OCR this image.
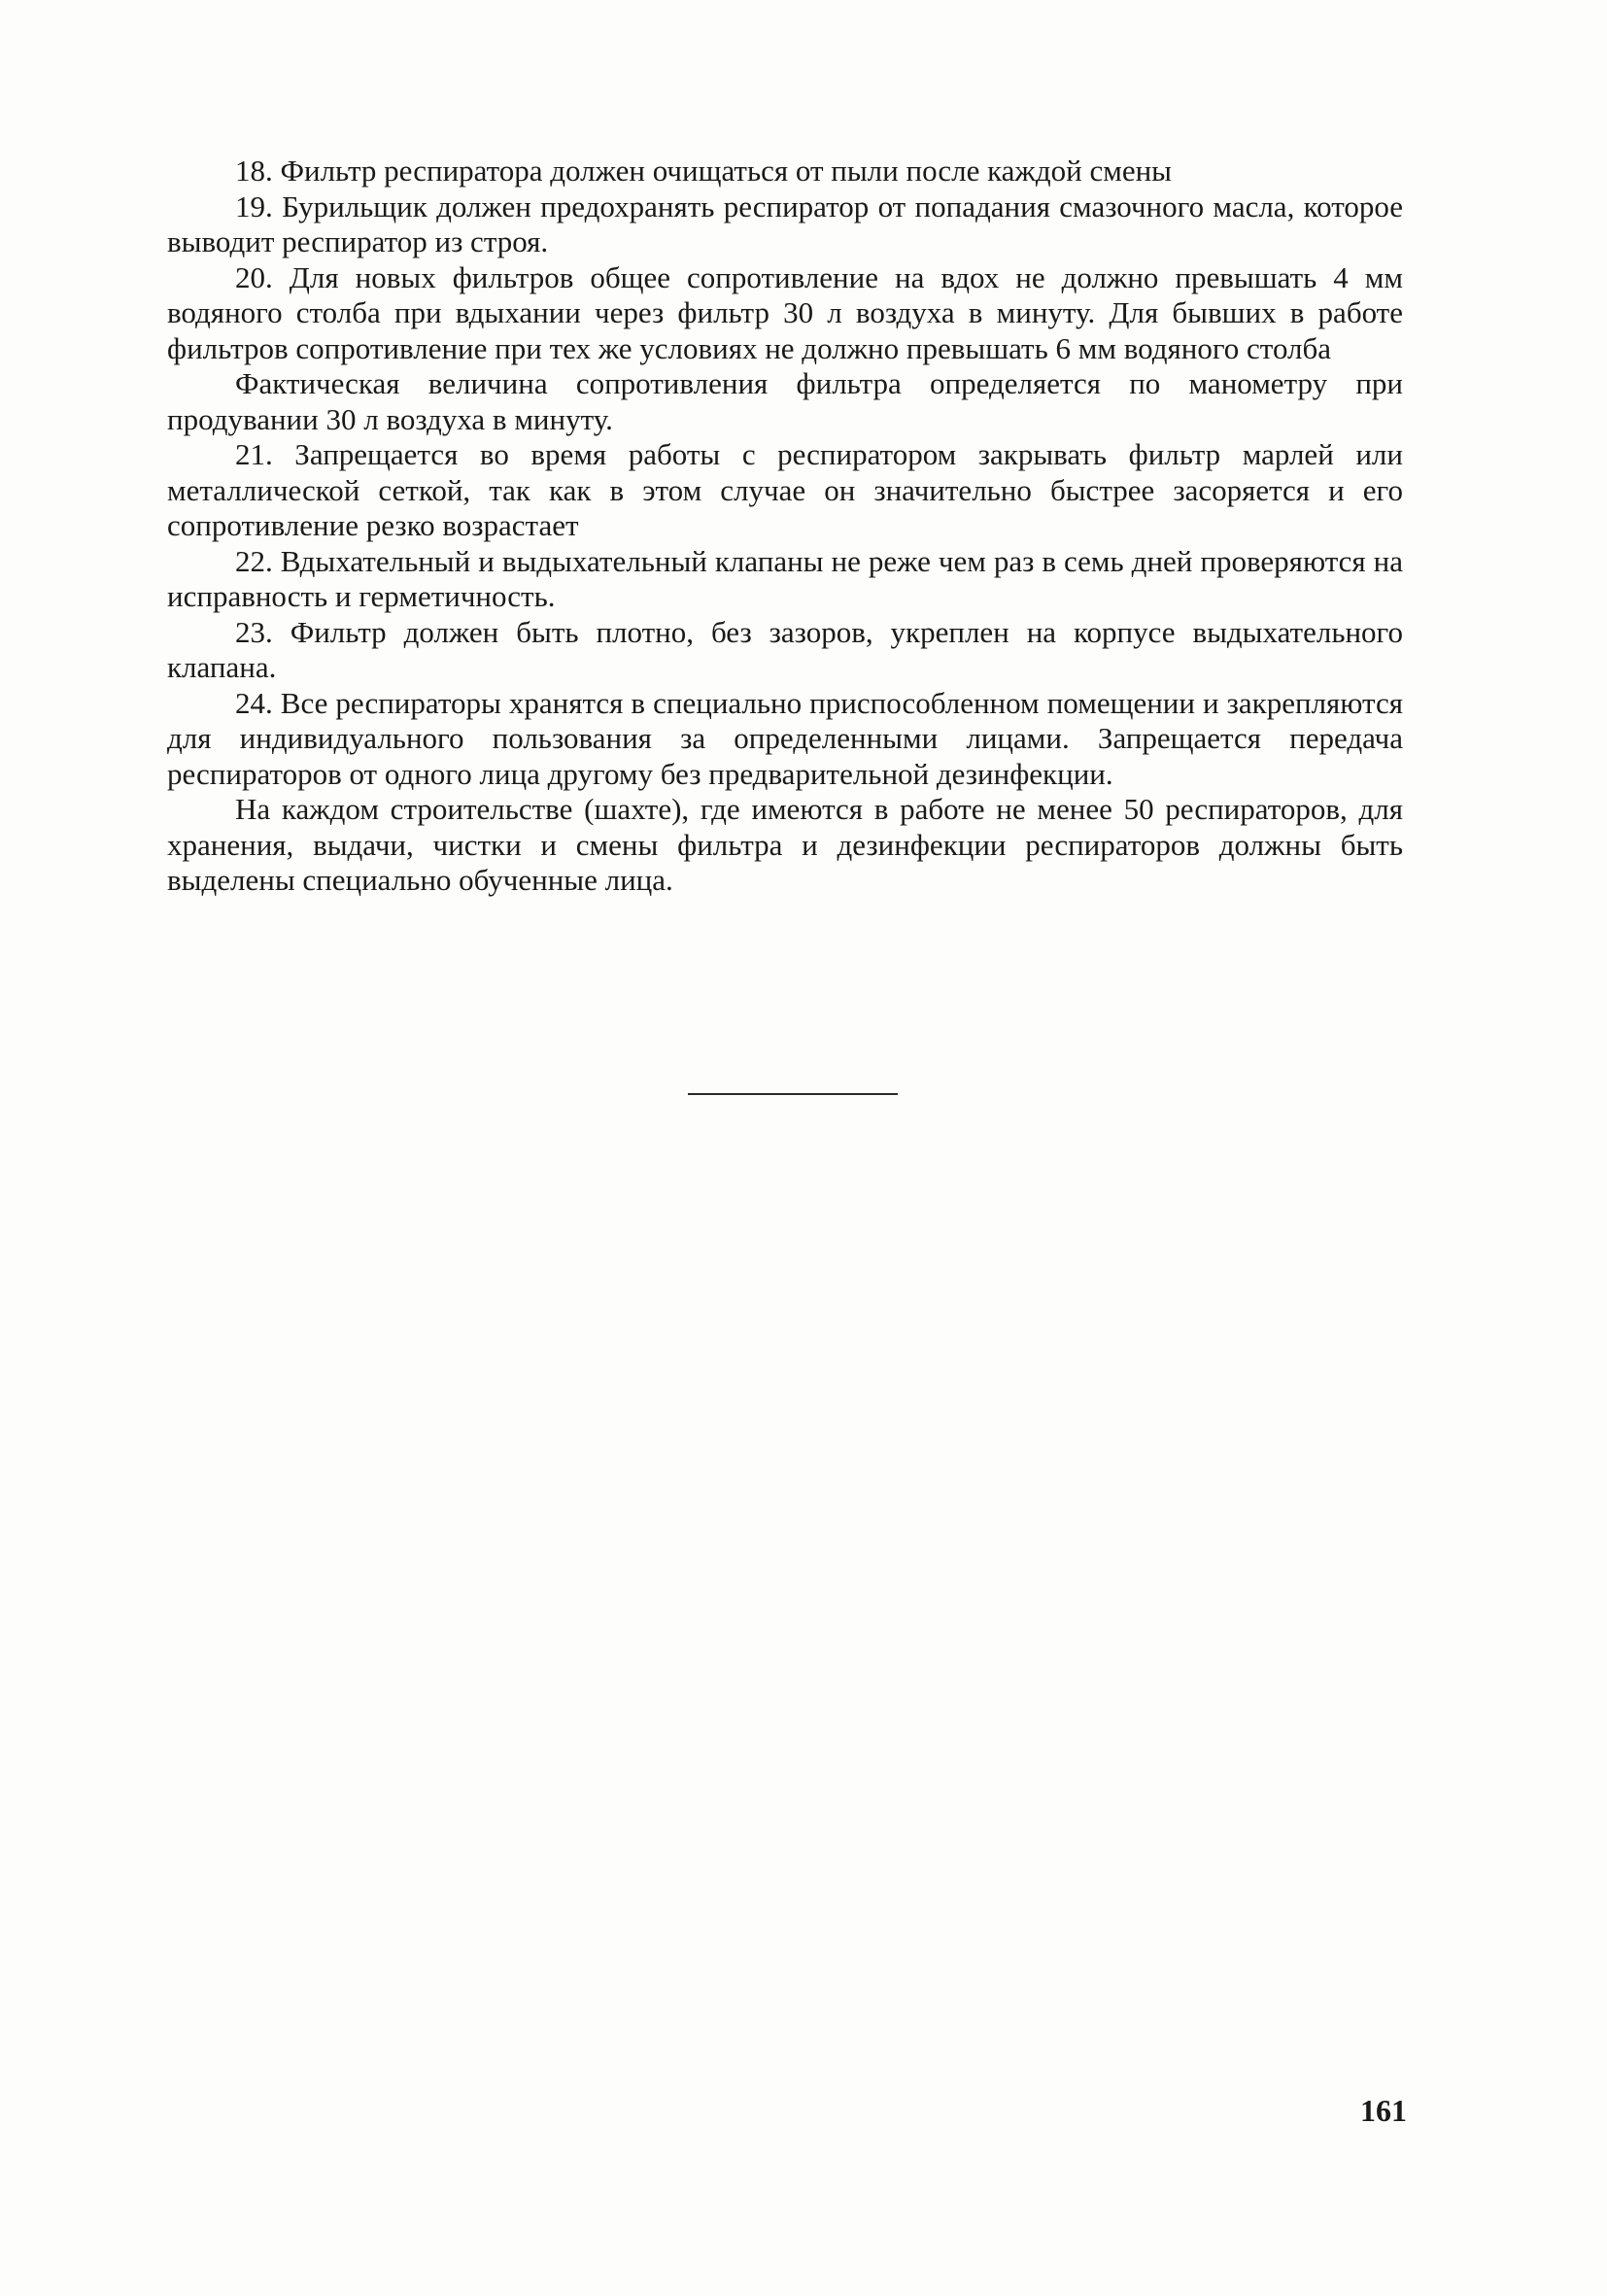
18. Фильтр респиратора должен очищаться от пыли после каждой смены

19. Бурильщик должен предохранять респиратор от попадания смазочного масла, которое выводит респиратор из строя.

20. Для новых фильтров общее сопротивление на вдох не должно превышать 4 мм водяного столба при вдыхании через фильтр 30 л воздуха в минуту. Для бывших в работе фильтров сопротивление при тех же условиях не должно превышать 6 мм водяного столба

Фактическая величина сопротивления фильтра определяется по манометру при продувании 30 л воздуха в минуту.

21. Запрещается во время работы с респиратором закрывать фильтр марлей или металлической сеткой, так как в этом случае он значительно быстрее засоряется и его сопротивление резко возрастает

22. Вдыхательный и выдыхательный клапаны не реже чем раз в семь дней проверяются на исправность и герметичность.

23. Фильтр должен быть плотно, без зазоров, укреплен на корпусе выдыхательного клапана.

24. Все респираторы хранятся в специально приспособленном помещении и закрепляются для индивидуального пользования за определенными лицами. Запрещается передача респираторов от одного лица другому без предварительной дезинфекции.

На каждом строительстве (шахте), где имеются в работе не менее 50 респираторов, для хранения, выдачи, чистки и смены фильтра и дезинфекции респираторов должны быть выделены специально обученные лица.

161
